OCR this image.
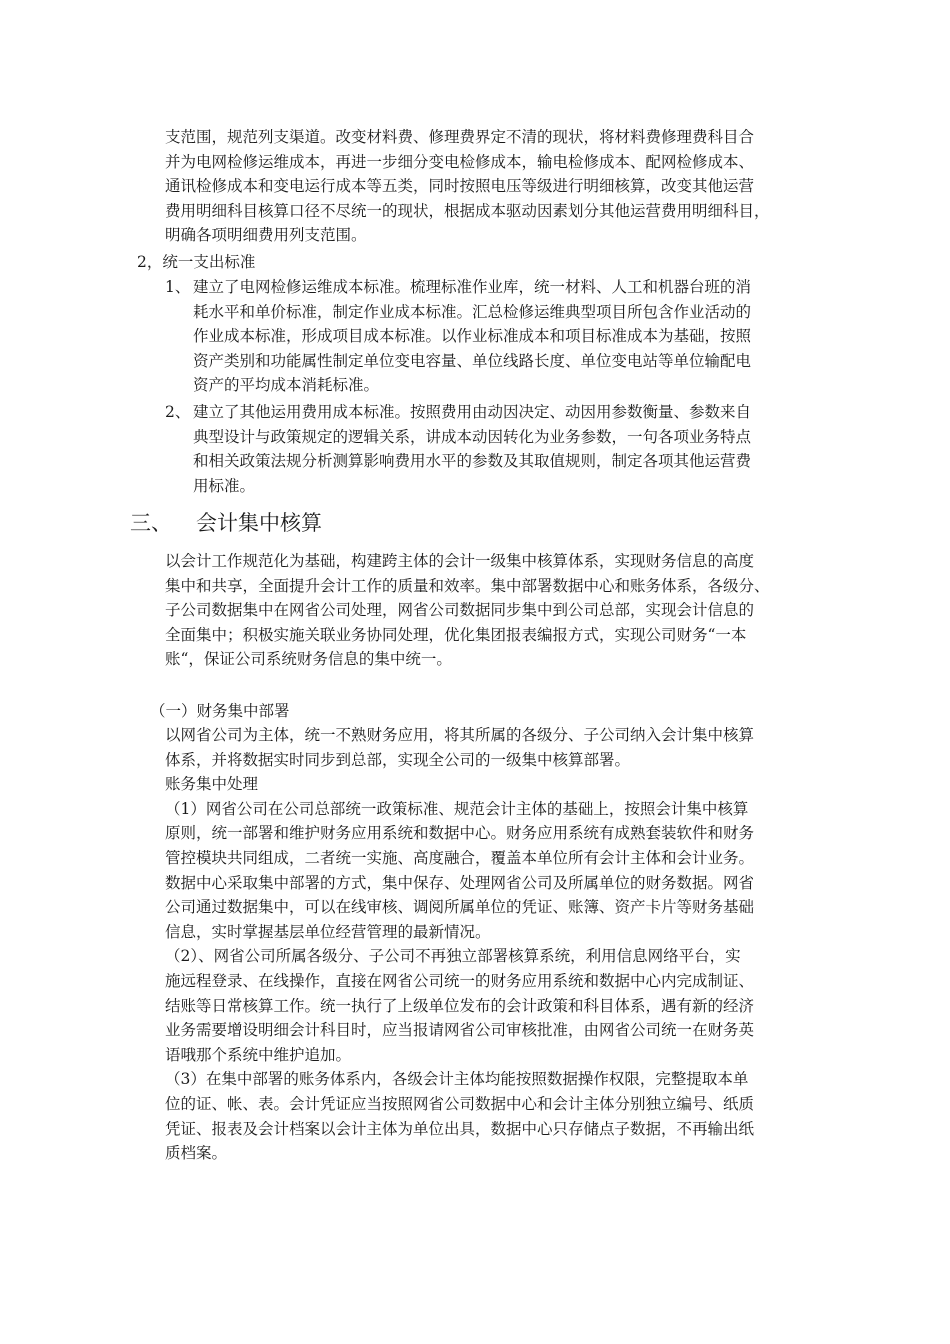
支范围，规范列支渠道。改变材料费、修理费界定不清的现状，将材料费修理费科目合
并为电网检修运维成本，再进一步细分变电检修成本，输电检修成本、配网检修成本、
通讯检修成本和变电运行成本等五类，同时按照电压等级进行明细核算，改变其他运营
费用明细科目核算口径不尽统一的现状，根据成本驱动因素划分其他运营费用明细科目，
明确各项明细费用列支范围。
2，统一支出标准
1、 建立了电网检修运维成本标准。梳理标准作业库，统一材料、人工和机器台班的消
耗水平和单价标准，制定作业成本标准。汇总检修运维典型项目所包含作业活动的
作业成本标准，形成项目成本标准。以作业标准成本和项目标准成本为基础，按照
资产类别和功能属性制定单位变电容量、单位线路长度、单位变电站等单位输配电
资产的平均成本消耗标准。
2、 建立了其他运用费用成本标准。按照费用由动因决定、动因用参数衡量、参数来自
典型设计与政策规定的逻辑关系，讲成本动因转化为业务参数，一句各项业务特点
和相关政策法规分析测算影响费用水平的参数及其取值规则，制定各项其他运营费
用标准。
三、 会计集中核算
以会计工作规范化为基础，构建跨主体的会计一级集中核算体系，实现财务信息的高度
集中和共享，全面提升会计工作的质量和效率。集中部署数据中心和账务体系，各级分、
子公司数据集中在网省公司处理，网省公司数据同步集中到公司总部，实现会计信息的
全面集中；积极实施关联业务协同处理，优化集团报表编报方式，实现公司财务“一本
账“，保证公司系统财务信息的集中统一。
（一）财务集中部署
以网省公司为主体，统一不熟财务应用，将其所属的各级分、子公司纳入会计集中核算
体系，并将数据实时同步到总部，实现全公司的一级集中核算部署。
账务集中处理
（1）网省公司在公司总部统一政策标准、规范会计主体的基础上，按照会计集中核算
原则，统一部署和维护财务应用系统和数据中心。财务应用系统有成熟套装软件和财务
管控模块共同组成，二者统一实施、高度融合，覆盖本单位所有会计主体和会计业务。
数据中心采取集中部署的方式，集中保存、处理网省公司及所属单位的财务数据。网省
公司通过数据集中，可以在线审核、调阅所属单位的凭证、账簿、资产卡片等财务基础
信息，实时掌握基层单位经营管理的最新情况。
（2）、网省公司所属各级分、子公司不再独立部署核算系统，利用信息网络平台，实
施远程登录、在线操作，直接在网省公司统一的财务应用系统和数据中心内完成制证、
结账等日常核算工作。统一执行了上级单位发布的会计政策和科目体系，遇有新的经济
业务需要增设明细会计科目时，应当报请网省公司审核批准，由网省公司统一在财务英
语哦那个系统中维护追加。
（3）在集中部署的账务体系内，各级会计主体均能按照数据操作权限，完整提取本单
位的证、帐、表。会计凭证应当按照网省公司数据中心和会计主体分别独立编号、纸质
凭证、报表及会计档案以会计主体为单位出具，数据中心只存储点子数据，不再输出纸
质档案。
